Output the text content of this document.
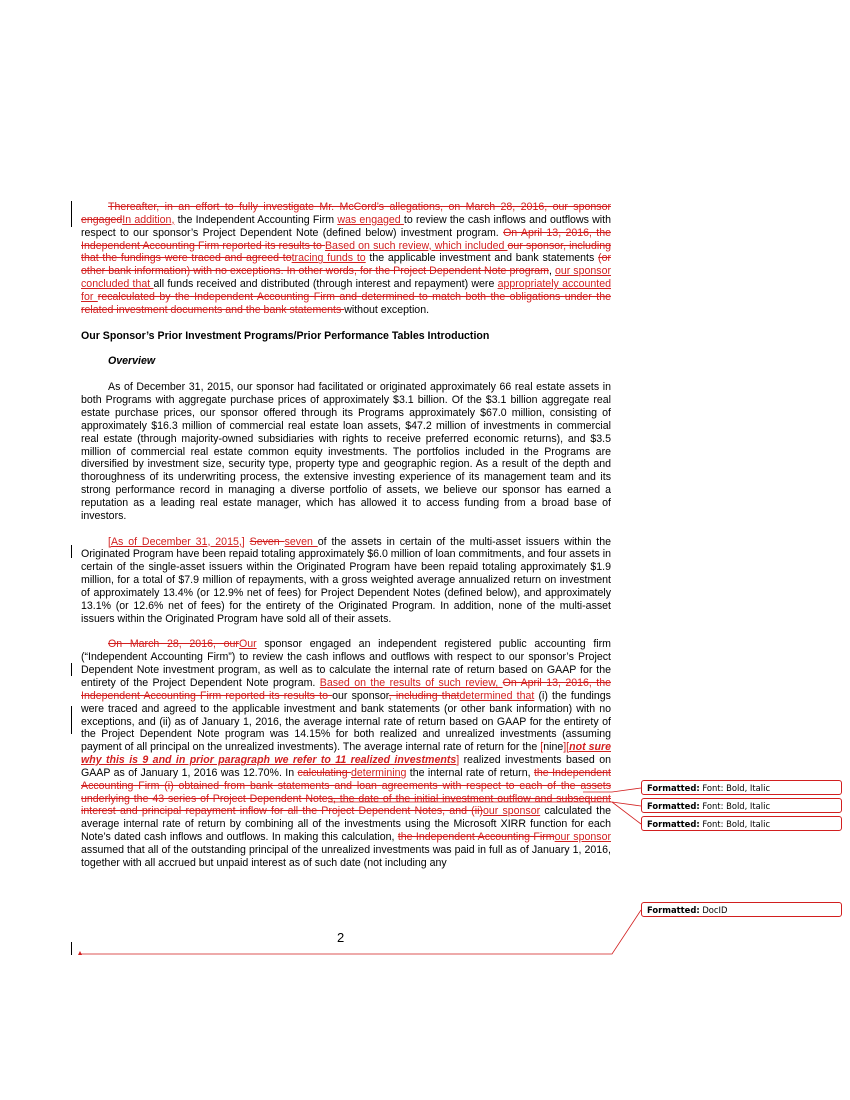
Thereafter, in an effort to fully investigate Mr. McCord’s allegations, on March 28, 2016, our sponsor engagedIn addition, the Independent Accounting Firm was engaged to review the cash inflows and outflows with respect to our sponsor’s Project Dependent Note (defined below) investment program. On April 13, 2016, the Independent Accounting Firm reported its results to Based on such review, which included our sponsor, including that the fundings were traced and agreed totracing funds to the applicable investment and bank statements (or other bank information) with no exceptions. In other words, for the Project Dependent Note program, our sponsor concluded that all funds received and distributed (through interest and repayment) were appropriately accounted for recalculated by the Independent Accounting Firm and determined to match both the obligations under the related investment documents and the bank statements without exception.

Our Sponsor’s Prior Investment Programs/Prior Performance Tables Introduction

Overview

As of December 31, 2015, our sponsor had facilitated or originated approximately 66 real estate assets in both Programs with aggregate purchase prices of approximately $3.1 billion. Of the $3.1 billion aggregate real estate purchase prices, our sponsor offered through its Programs approximately $67.0 million, consisting of approximately $16.3 million of commercial real estate loan assets, $47.2 million of investments in commercial real estate (through majority-owned subsidiaries with rights to receive preferred economic returns), and $3.5 million of commercial real estate common equity investments. The portfolios included in the Programs are diversified by investment size, security type, property type and geographic region. As a result of the depth and thoroughness of its underwriting process, the extensive investing experience of its management team and its strong performance record in managing a diverse portfolio of assets, we believe our sponsor has earned a reputation as a leading real estate manager, which has allowed it to access funding from a broad base of investors.

[As of December 31, 2015,] Seven seven of the assets in certain of the multi-asset issuers within the Originated Program have been repaid totaling approximately $6.0 million of loan commitments, and four assets in certain of the single-asset issuers within the Originated Program have been repaid totaling approximately $1.9 million, for a total of $7.9 million of repayments, with a gross weighted average annualized return on investment of approximately 13.4% (or 12.9% net of fees) for Project Dependent Notes (defined below), and approximately 13.1% (or 12.6% net of fees) for the entirety of the Originated Program. In addition, none of the multi-asset issuers within the Originated Program have sold all of their assets.

On March 28, 2016, ourOur sponsor engaged an independent registered public accounting firm (“Independent Accounting Firm”) to review the cash inflows and outflows with respect to our sponsor’s Project Dependent Note investment program, as well as to calculate the internal rate of return based on GAAP for the entirety of the Project Dependent Note program. Based on the results of such review, On April 13, 2016, the Independent Accounting Firm reported its results to our sponsor, including thatdetermined that (i) the fundings were traced and agreed to the applicable investment and bank statements (or other bank information) with no exceptions, and (ii) as of January 1, 2016, the average internal rate of return based on GAAP for the entirety of the Project Dependent Note program was 14.15% for both realized and unrealized investments (assuming payment of all principal on the unrealized investments). The average internal rate of return for the [nine][not sure why this is 9 and in prior paragraph we refer to 11 realized investments] realized investments based on GAAP as of January 1, 2016 was 12.70%. In calculating determining the internal rate of return, the Independent Accounting Firm (i) obtained from bank statements and loan agreements with respect to each of the assets underlying the 43 series of Project Dependent Notes, the date of the initial investment outflow and subsequent interest and principal repayment inflow for all the Project Dependent Notes, and (ii)our sponsor calculated the average internal rate of return by combining all of the investments using the Microsoft XIRR function for each Note’s dated cash inflows and outflows. In making this calculation, the Independent Accounting Firmour sponsor assumed that all of the outstanding principal of the unrealized investments was paid in full as of January 1, 2016, together with all accrued but unpaid interest as of such date (not including any

2
Formatted: Font: Bold, Italic
Formatted: Font: Bold, Italic
Formatted: Font: Bold, Italic
Formatted: DocID
